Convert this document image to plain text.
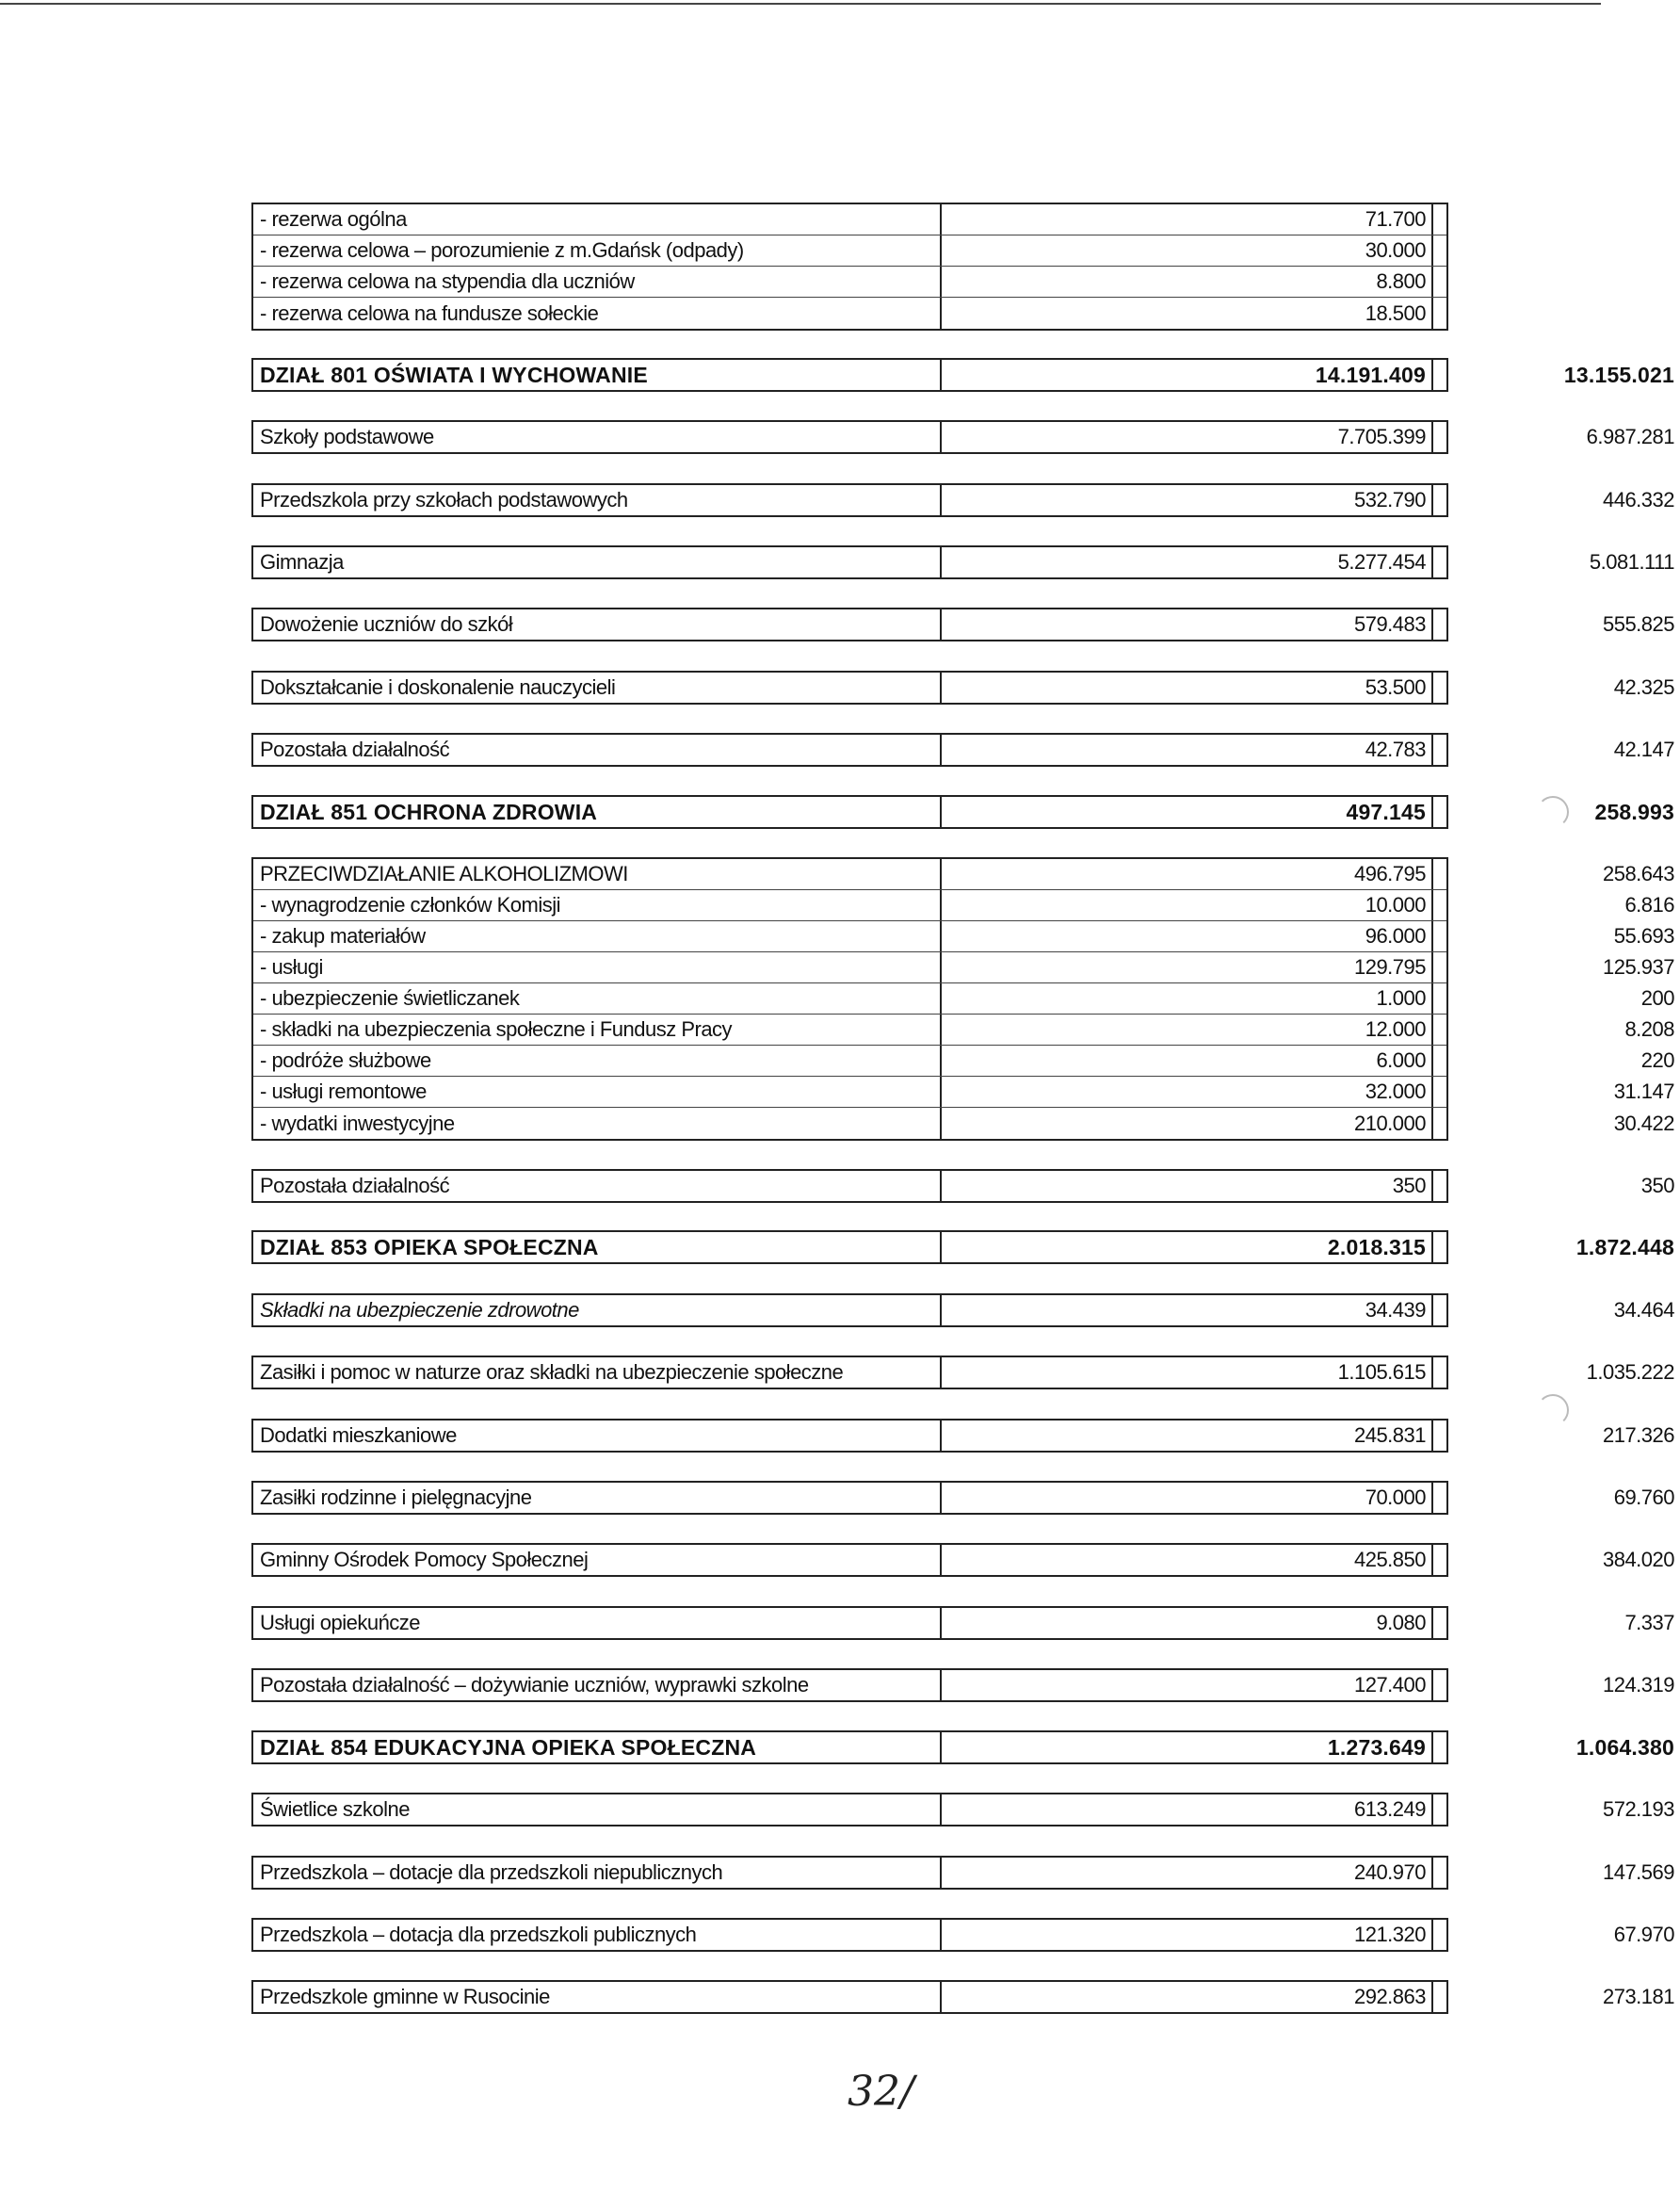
- rezerwa ogólna	71.700
- rezerwa celowa – porozumienie z m.Gdańsk (odpady)	30.000
- rezerwa celowa na stypendia dla uczniów	8.800
- rezerwa celowa na fundusze sołeckie	18.500
DZIAŁ 801 OŚWIATA I WYCHOWANIE	14.191.409	13.155.021
Szkoły podstawowe	7.705.399	6.987.281
Przedszkola przy szkołach podstawowych	532.790	446.332
Gimnazja	5.277.454	5.081.111
Dowożenie uczniów do szkół	579.483	555.825
Dokształcanie i doskonalenie nauczycieli	53.500	42.325
Pozostała działalność	42.783	42.147
DZIAŁ 851 OCHRONA ZDROWIA	497.145	258.993
PRZECIWDZIAŁANIE ALKOHOLIZMOWI	496.795	258.643
- wynagrodzenie członków Komisji	10.000	6.816
- zakup materiałów	96.000	55.693
- usługi	129.795	125.937
- ubezpieczenie świetliczanek	1.000	200
- składki na ubezpieczenia społeczne i Fundusz Pracy	12.000	8.208
- podróże służbowe	6.000	220
- usługi remontowe	32.000	31.147
- wydatki inwestycyjne	210.000	30.422
Pozostała działalność	350	350
DZIAŁ 853 OPIEKA SPOŁECZNA	2.018.315	1.872.448
Składki na ubezpieczenie zdrowotne	34.439	34.464
Zasiłki i pomoc w naturze oraz składki na ubezpieczenie społeczne	1.105.615	1.035.222
Dodatki mieszkaniowe	245.831	217.326
Zasiłki rodzinne i pielęgnacyjne	70.000	69.760
Gminny Ośrodek Pomocy Społecznej	425.850	384.020
Usługi opiekuńcze	9.080	7.337
Pozostała działalność – dożywianie uczniów, wyprawki szkolne	127.400	124.319
DZIAŁ 854 EDUKACYJNA OPIEKA SPOŁECZNA	1.273.649	1.064.380
Świetlice szkolne	613.249	572.193
Przedszkola – dotacje dla przedszkoli niepublicznych	240.970	147.569
Przedszkola – dotacja dla przedszkoli publicznych	121.320	67.970
Przedszkole gminne w Rusocinie	292.863	273.181
32/
